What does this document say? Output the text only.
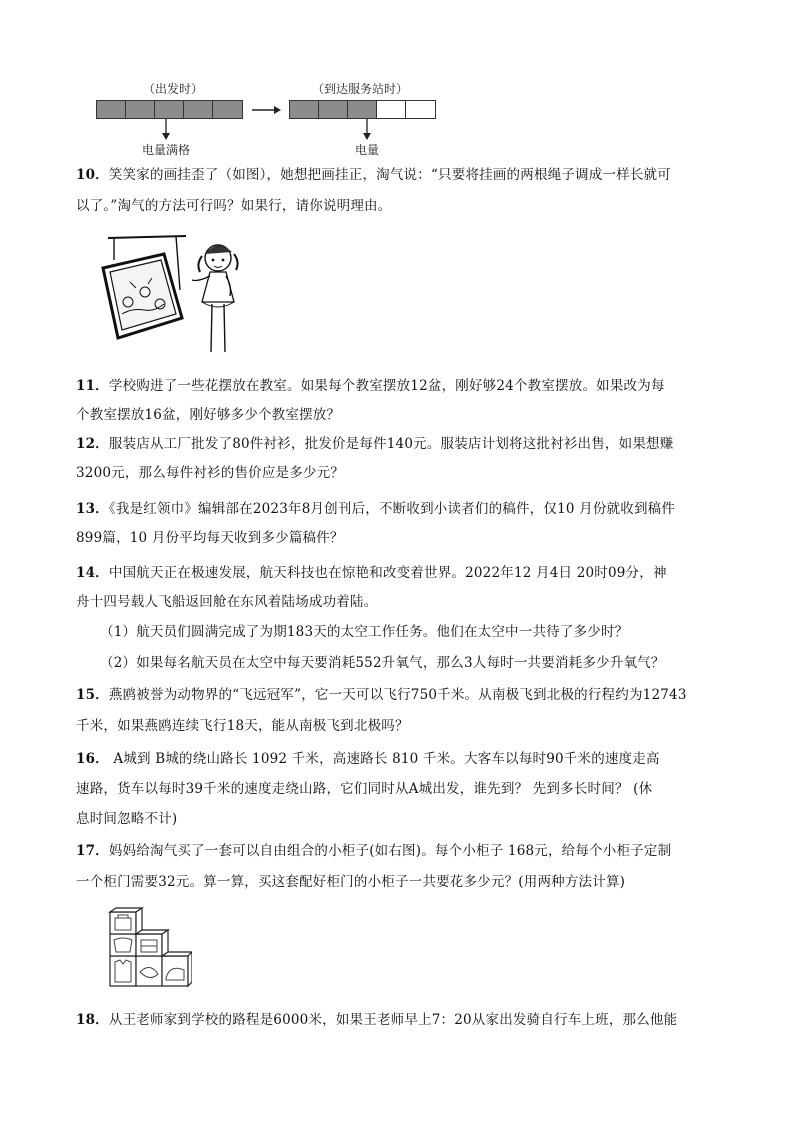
（出发时）	（到达服务站时）
电量满格	电量
10．笑笑家的画挂歪了（如图），她想把画挂正，淘气说：“只要将挂画的两根绳子调成一样长就可
以了。”淘气的方法可行吗？如果行，请你说明理由。
11．学校购进了一些花摆放在教室。如果每个教室摆放12盆，刚好够24个教室摆放。如果改为每
个教室摆放16盆，刚好够多少个教室摆放？
12．服装店从工厂批发了80件衬衫，批发价是每件140元。服装店计划将这批衬衫出售，如果想赚
3200元，那么每件衬衫的售价应是多少元？
13．《我是红领巾》编辑部在2023年8月创刊后，不断收到小读者们的稿件，仅10 月份就收到稿件
899篇，10 月份平均每天收到多少篇稿件？
14．中国航天正在极速发展，航天科技也在惊艳和改变着世界。2022年12 月4日 20时09分，神
舟十四号载人飞船返回舱在东风着陆场成功着陆。
（1）航天员们圆满完成了为期183天的太空工作任务。他们在太空中一共待了多少时？
（2）如果每名航天员在太空中每天要消耗552升氧气，那么3人每时一共要消耗多少升氧气？
15．燕鸥被誉为动物界的“飞远冠军”，它一天可以飞行750千米。从南极飞到北极的行程约为12743
千米，如果燕鸥连续飞行18天，能从南极飞到北极吗？
16． A城到 B城的绕山路长 1092 千米，高速路长 810 千米。大客车以每时90千米的速度走高
速路，货车以每时39千米的速度走绕山路，它们同时从A城出发，谁先到？ 先到多长时间？ (休
息时间忽略不计)
17．妈妈给淘气买了一套可以自由组合的小柜子(如右图)。每个小柜子 168元，给每个小柜子定制
一个柜门需要32元。算一算，买这套配好柜门的小柜子一共要花多少元？(用两种方法计算)
18．从王老师家到学校的路程是6000米，如果王老师早上7：20从家出发骑自行车上班，那么他能
